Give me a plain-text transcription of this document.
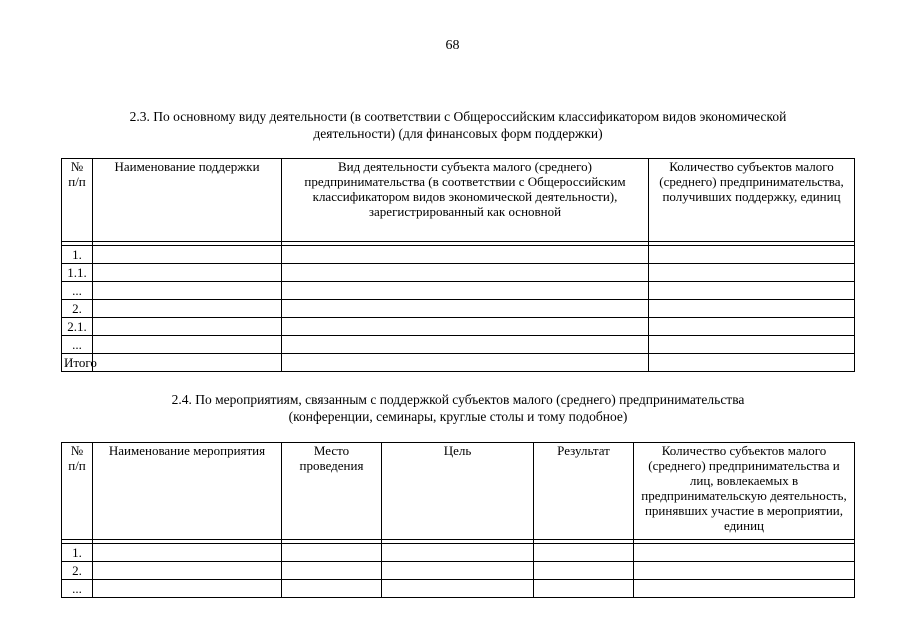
68
2.3. По основному виду деятельности (в соответствии с Общероссийским классификатором видов экономической
деятельности) (для финансовых форм поддержки)
№ п/п	Наименование поддержки	Вид деятельности субъекта малого (среднего) предпринимательства (в соответствии с Общероссийским классификатором видов экономической деятельности), зарегистрированный как основной	Количество субъектов малого (среднего) предпринимательства, получивших поддержку, единиц

1.			
1.1.			
...			
2.			
2.1.			
...			
Итого			
2.4. По мероприятиям, связанным с поддержкой субъектов малого (среднего) предпринимательства
(конференции, семинары, круглые столы и тому подобное)
№ п/п	Наименование мероприятия	Место проведения	Цель	Результат	Количество субъектов малого (среднего) предпринимательства и лиц, вовлекаемых в предпринимательскую деятельность, принявших участие в мероприятии, единиц

1.					
2.					
...					
